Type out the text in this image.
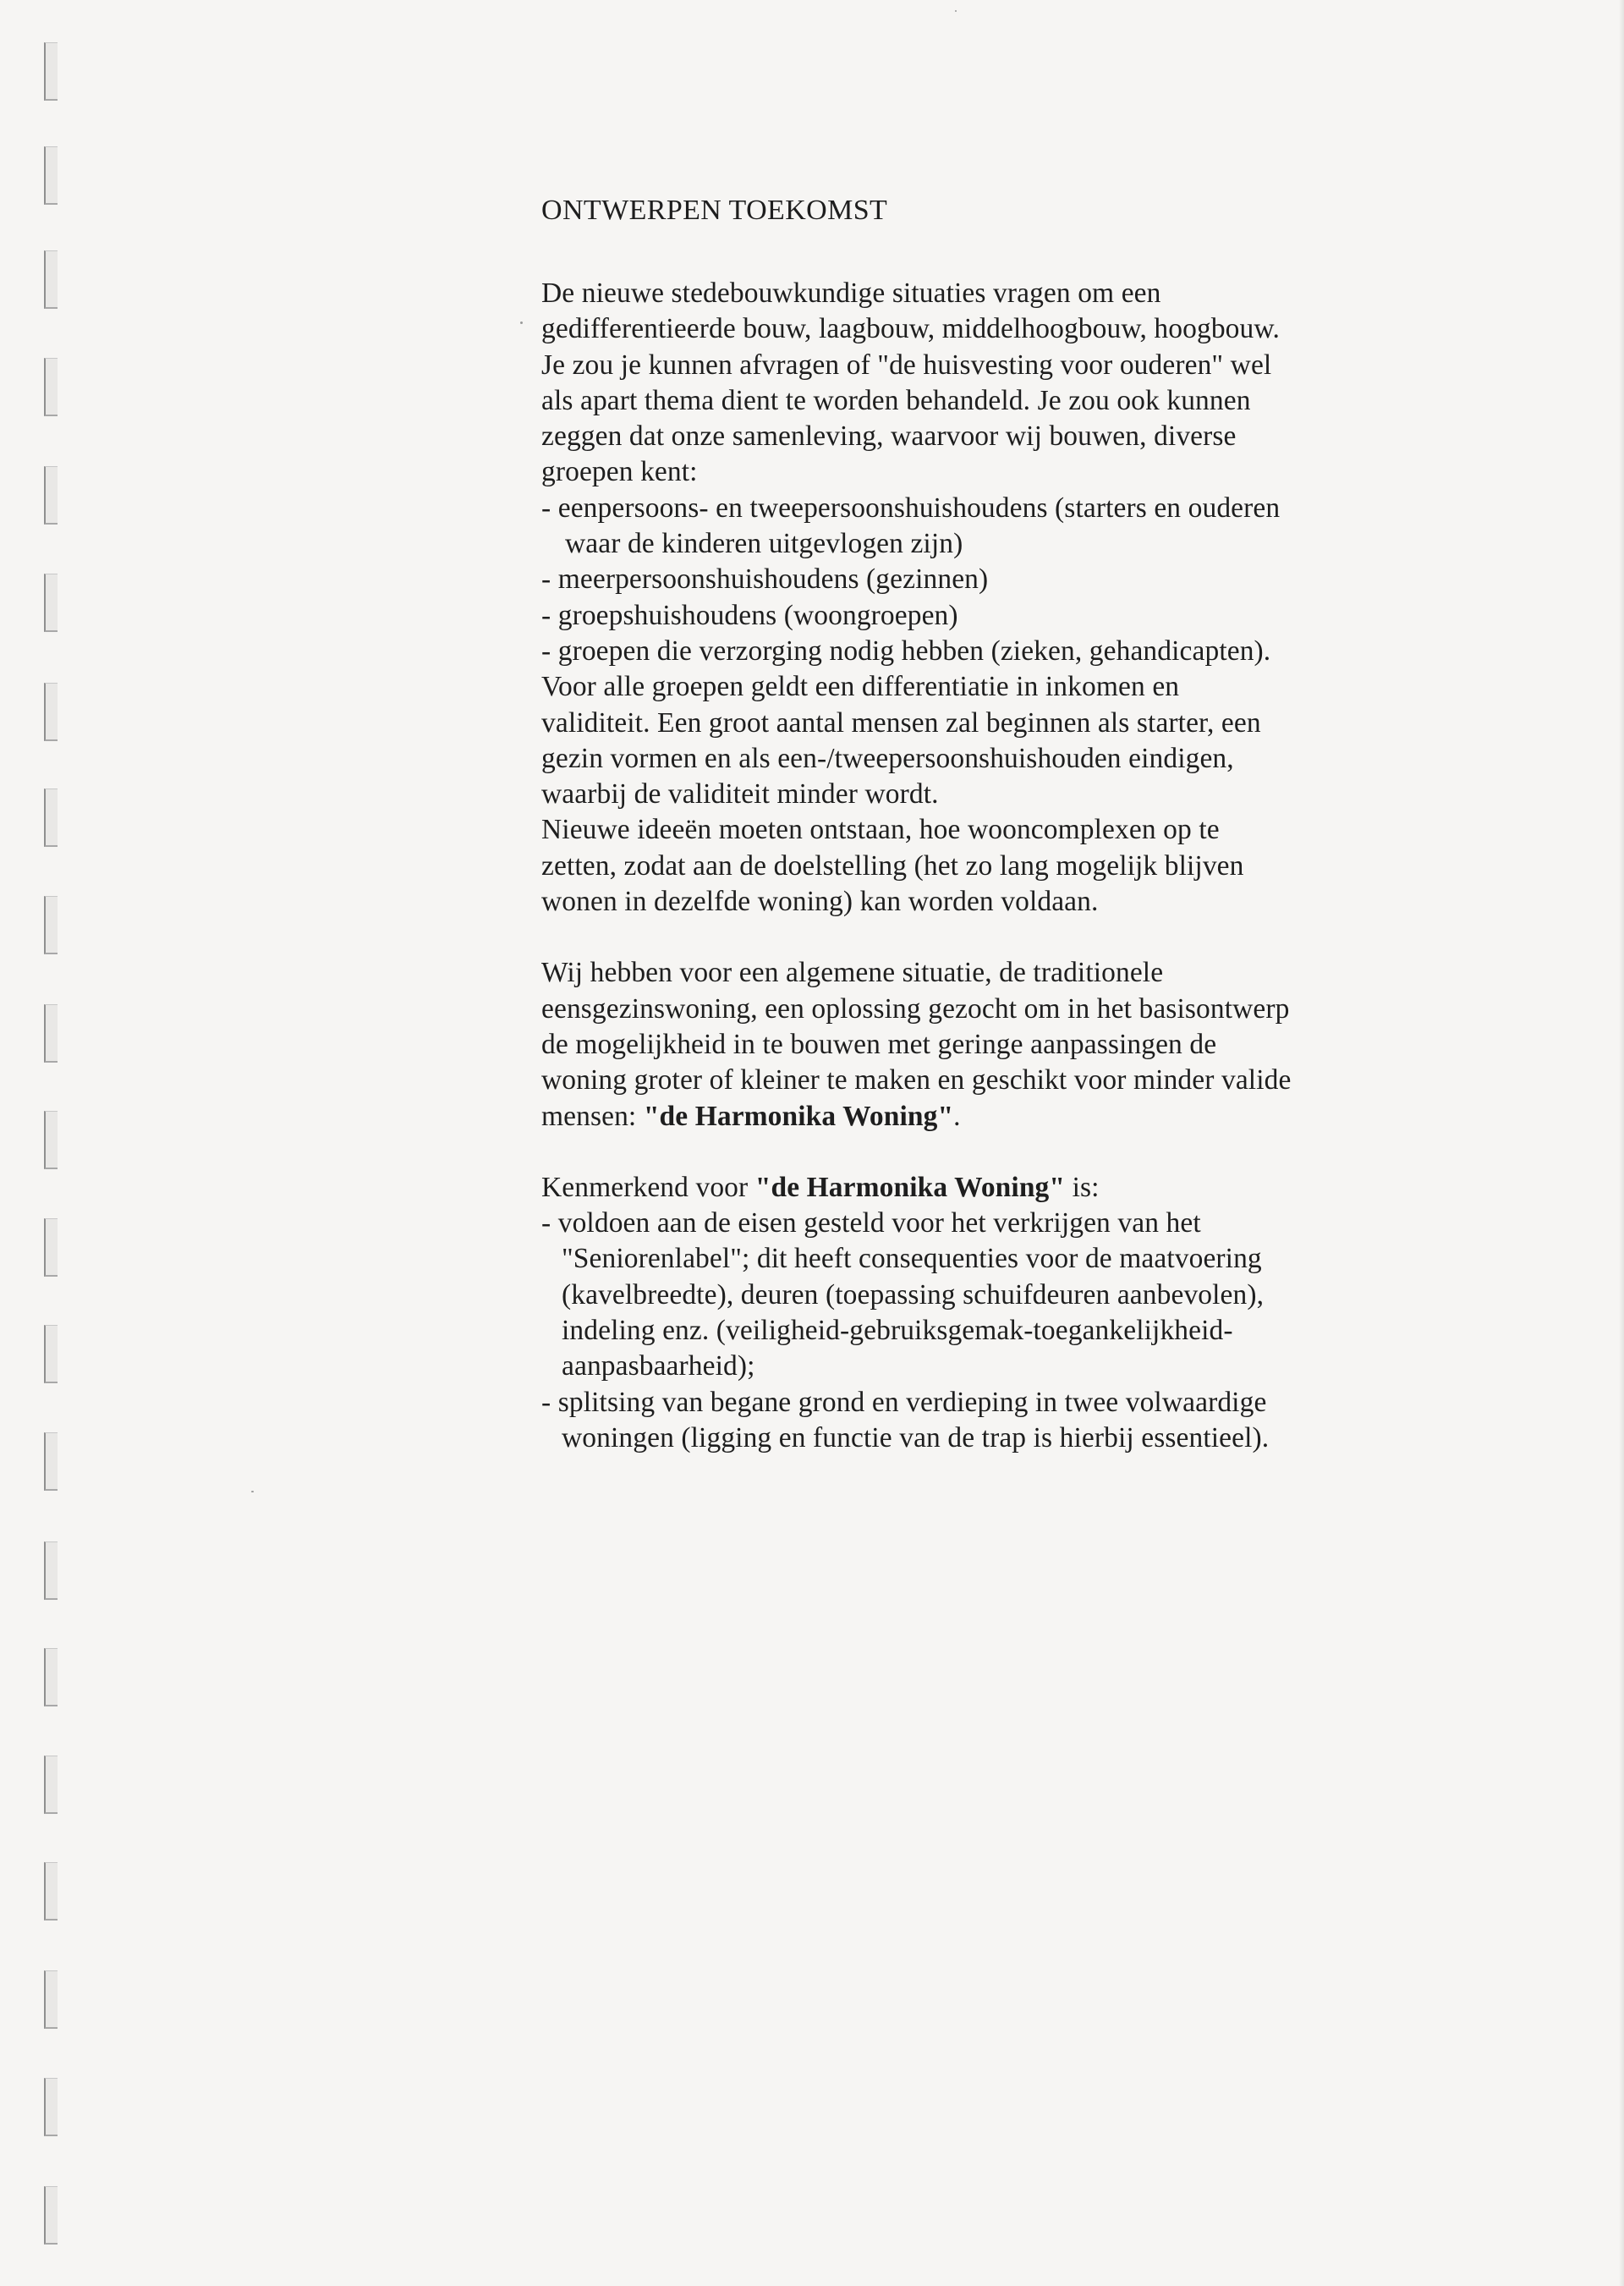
ONTWERPEN TOEKOMST
De nieuwe stedebouwkundige situaties vragen om een
gedifferentieerde bouw, laagbouw, middelhoogbouw, hoogbouw.
Je zou je kunnen afvragen of "de huisvesting voor ouderen" wel
als apart thema dient te worden behandeld. Je zou ook kunnen
zeggen dat onze samenleving, waarvoor wij bouwen, diverse
groepen kent:
- eenpersoons- en tweepersoonshuishoudens (starters en ouderen
waar de kinderen uitgevlogen zijn)
- meerpersoonshuishoudens (gezinnen)
- groepshuishoudens (woongroepen)
- groepen die verzorging nodig hebben (zieken, gehandicapten).
Voor alle groepen geldt een differentiatie in inkomen en
validiteit. Een groot aantal mensen zal beginnen als starter, een
gezin vormen en als een-/tweepersoonshuishouden eindigen,
waarbij de validiteit minder wordt.
Nieuwe ideeën moeten ontstaan, hoe wooncomplexen op te
zetten, zodat aan de doelstelling (het zo lang mogelijk blijven
wonen in dezelfde woning) kan worden voldaan.
Wij hebben voor een algemene situatie, de traditionele
eensgezinswoning, een oplossing gezocht om in het basisontwerp
de mogelijkheid in te bouwen met geringe aanpassingen de
woning groter of kleiner te maken en geschikt voor minder valide
mensen: "de Harmonika Woning".
Kenmerkend voor "de Harmonika Woning" is:
- voldoen aan de eisen gesteld voor het verkrijgen van het
"Seniorenlabel"; dit heeft consequenties voor de maatvoering
(kavelbreedte), deuren (toepassing schuifdeuren aanbevolen),
indeling enz. (veiligheid-gebruiksgemak-toegankelijkheid-
aanpasbaarheid);
- splitsing van begane grond en verdieping in twee volwaardige
woningen (ligging en functie van de trap is hierbij essentieel).
